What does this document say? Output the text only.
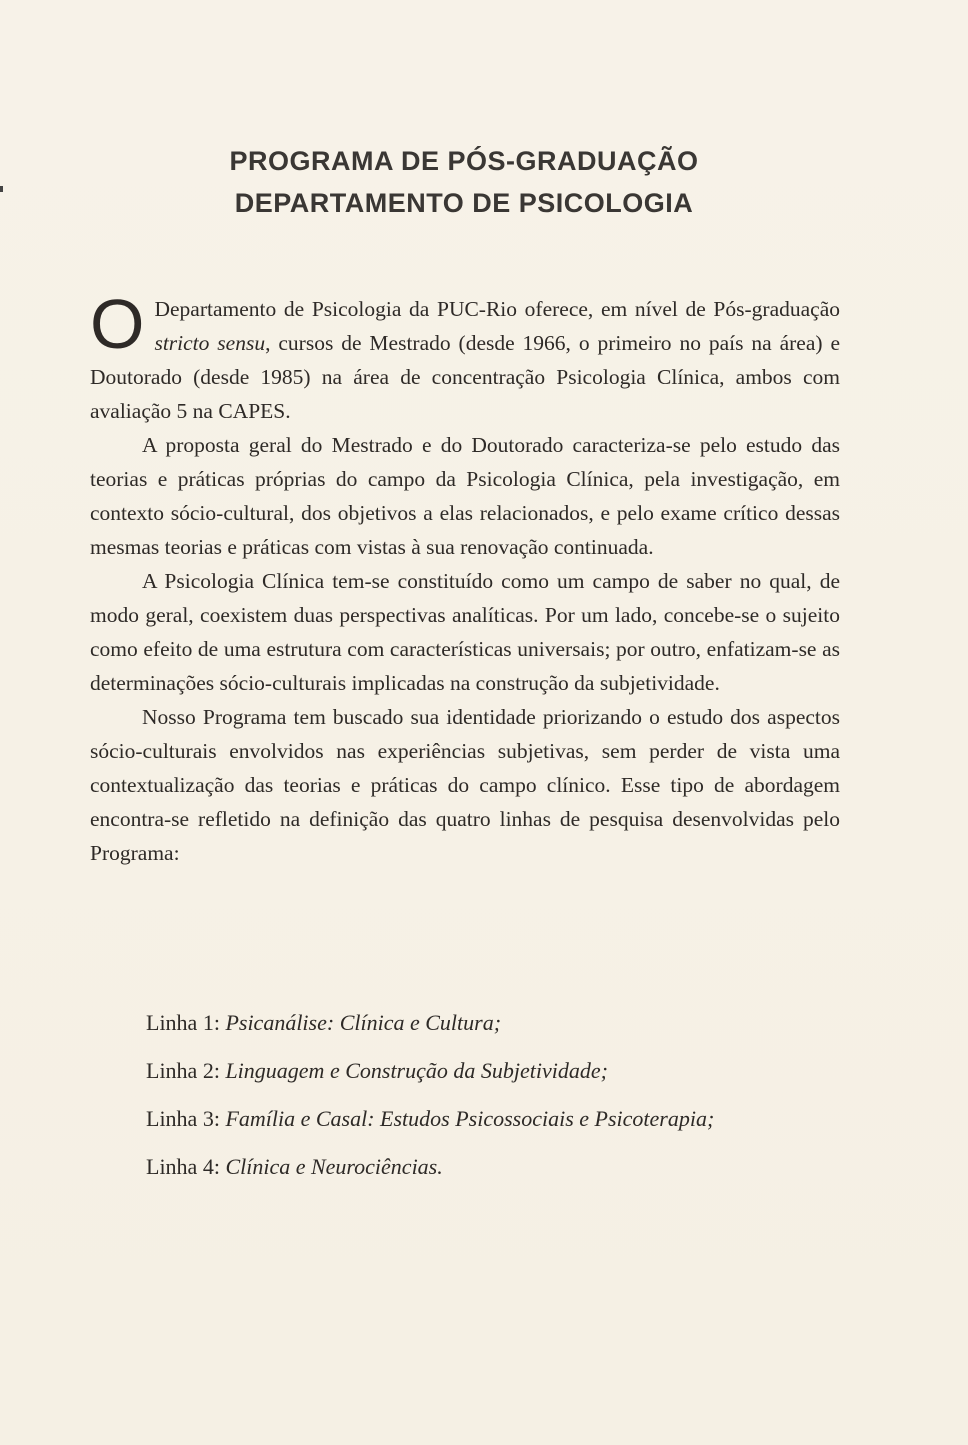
PROGRAMA DE PÓS-GRADUAÇÃO
DEPARTAMENTO DE PSICOLOGIA

O Departamento de Psicologia da PUC-Rio oferece, em nível de Pós-graduação stricto sensu, cursos de Mestrado (desde 1966, o primeiro no país na área) e Doutorado (desde 1985) na área de concentração Psicologia Clínica, ambos com avaliação 5 na CAPES.

A proposta geral do Mestrado e do Doutorado caracteriza-se pelo estudo das teorias e práticas próprias do campo da Psicologia Clínica, pela investigação, em contexto sócio-cultural, dos objetivos a elas relacionados, e pelo exame crítico dessas mesmas teorias e práticas com vistas à sua renovação continuada.

A Psicologia Clínica tem-se constituído como um campo de saber no qual, de modo geral, coexistem duas perspectivas analíticas. Por um lado, concebe-se o sujeito como efeito de uma estrutura com características universais; por outro, enfatizam-se as determinações sócio-culturais implicadas na construção da subjetividade.

Nosso Programa tem buscado sua identidade priorizando o estudo dos aspectos sócio-culturais envolvidos nas experiências subjetivas, sem perder de vista uma contextualização das teorias e práticas do campo clínico. Esse tipo de abordagem encontra-se refletido na definição das quatro linhas de pesquisa desenvolvidas pelo Programa:

Linha 1: Psicanálise: Clínica e Cultura;
Linha 2: Linguagem e Construção da Subjetividade;
Linha 3: Família e Casal: Estudos Psicossociais e Psicoterapia;
Linha 4: Clínica e Neurociências.
